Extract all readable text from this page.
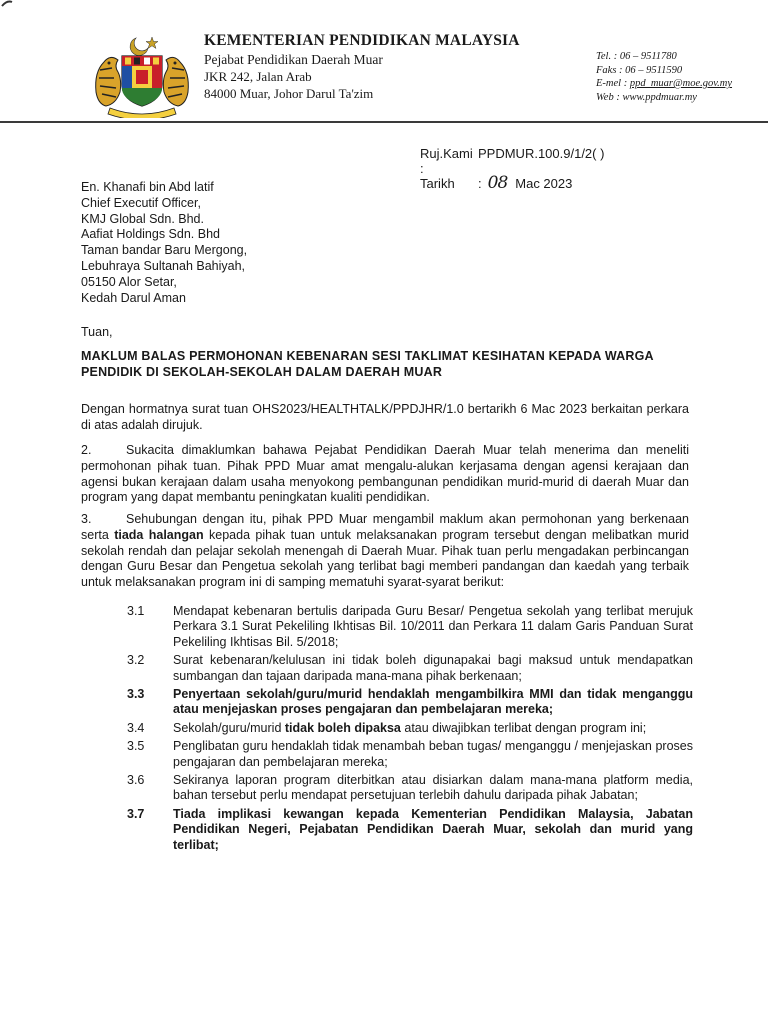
KEMENTERIAN PENDIDIKAN MALAYSIA
Pejabat Pendidikan Daerah Muar
JKR 242, Jalan Arab
84000 Muar, Johor Darul Ta'zim
Tel. : 06 – 9511780
Faks : 06 – 9511590
E-mel : ppd_muar@moe.gov.my
Web : www.ppdmuar.my
Ruj.Kami :
PPDMUR.100.9/1/2( )
Tarikh	: 08 Mac 2023
En. Khanafi bin Abd latif
Chief Executif Officer,
KMJ Global Sdn. Bhd.
Aafiat Holdings Sdn. Bhd
Taman bandar Baru Mergong,
Lebuhraya Sultanah Bahiyah,
05150 Alor Setar,
Kedah Darul Aman
Tuan,
MAKLUM BALAS PERMOHONAN KEBENARAN SESI TAKLIMAT KESIHATAN KEPADA WARGA PENDIDIK DI SEKOLAH-SEKOLAH DALAM DAERAH MUAR
Dengan hormatnya surat tuan OHS2023/HEALTHTALK/PPDJHR/1.0 bertarikh 6 Mac 2023 berkaitan perkara di atas adalah dirujuk.
2.	Sukacita dimaklumkan bahawa Pejabat Pendidikan Daerah Muar telah menerima dan meneliti permohonan pihak tuan. Pihak PPD Muar amat mengalu-alukan kerjasama dengan agensi kerajaan dan agensi bukan kerajaan dalam usaha menyokong pembangunan pendidikan murid-murid di daerah Muar dan program yang dapat membantu peningkatan kualiti pendidikan.
3.	Sehubungan dengan itu, pihak PPD Muar mengambil maklum akan permohonan yang berkenaan serta tiada halangan kepada pihak tuan untuk melaksanakan program tersebut dengan melibatkan murid sekolah rendah dan pelajar sekolah menengah di Daerah Muar. Pihak tuan perlu mengadakan perbincangan dengan Guru Besar dan Pengetua sekolah yang terlibat bagi memberi pandangan dan kaedah yang terbaik untuk melaksanakan program ini di samping mematuhi syarat-syarat berikut:
3.1	Mendapat kebenaran bertulis daripada Guru Besar/ Pengetua sekolah yang terlibat merujuk Perkara 3.1 Surat Pekeliling Ikhtisas Bil. 10/2011 dan Perkara 11 dalam Garis Panduan Surat Pekeliling Ikhtisas Bil. 5/2018;
3.2	Surat kebenaran/kelulusan ini tidak boleh digunapakai bagi maksud untuk mendapatkan sumbangan dan tajaan daripada mana-mana pihak berkenaan;
3.3	Penyertaan sekolah/guru/murid hendaklah mengambilkira MMI dan tidak menganggu atau menjejaskan proses pengajaran dan pembelajaran mereka;
3.4	Sekolah/guru/murid tidak boleh dipaksa atau diwajibkan terlibat dengan program ini;
3.5	Penglibatan guru hendaklah tidak menambah beban tugas/ menganggu / menjejaskan proses pengajaran dan pembelajaran mereka;
3.6	Sekiranya laporan program diterbitkan atau disiarkan dalam mana-mana platform media, bahan tersebut perlu mendapat persetujuan terlebih dahulu daripada pihak Jabatan;
3.7	Tiada implikasi kewangan kepada Kementerian Pendidikan Malaysia, Jabatan Pendidikan Negeri, Pejabatan Pendidikan Daerah Muar, sekolah dan murid yang terlibat;
